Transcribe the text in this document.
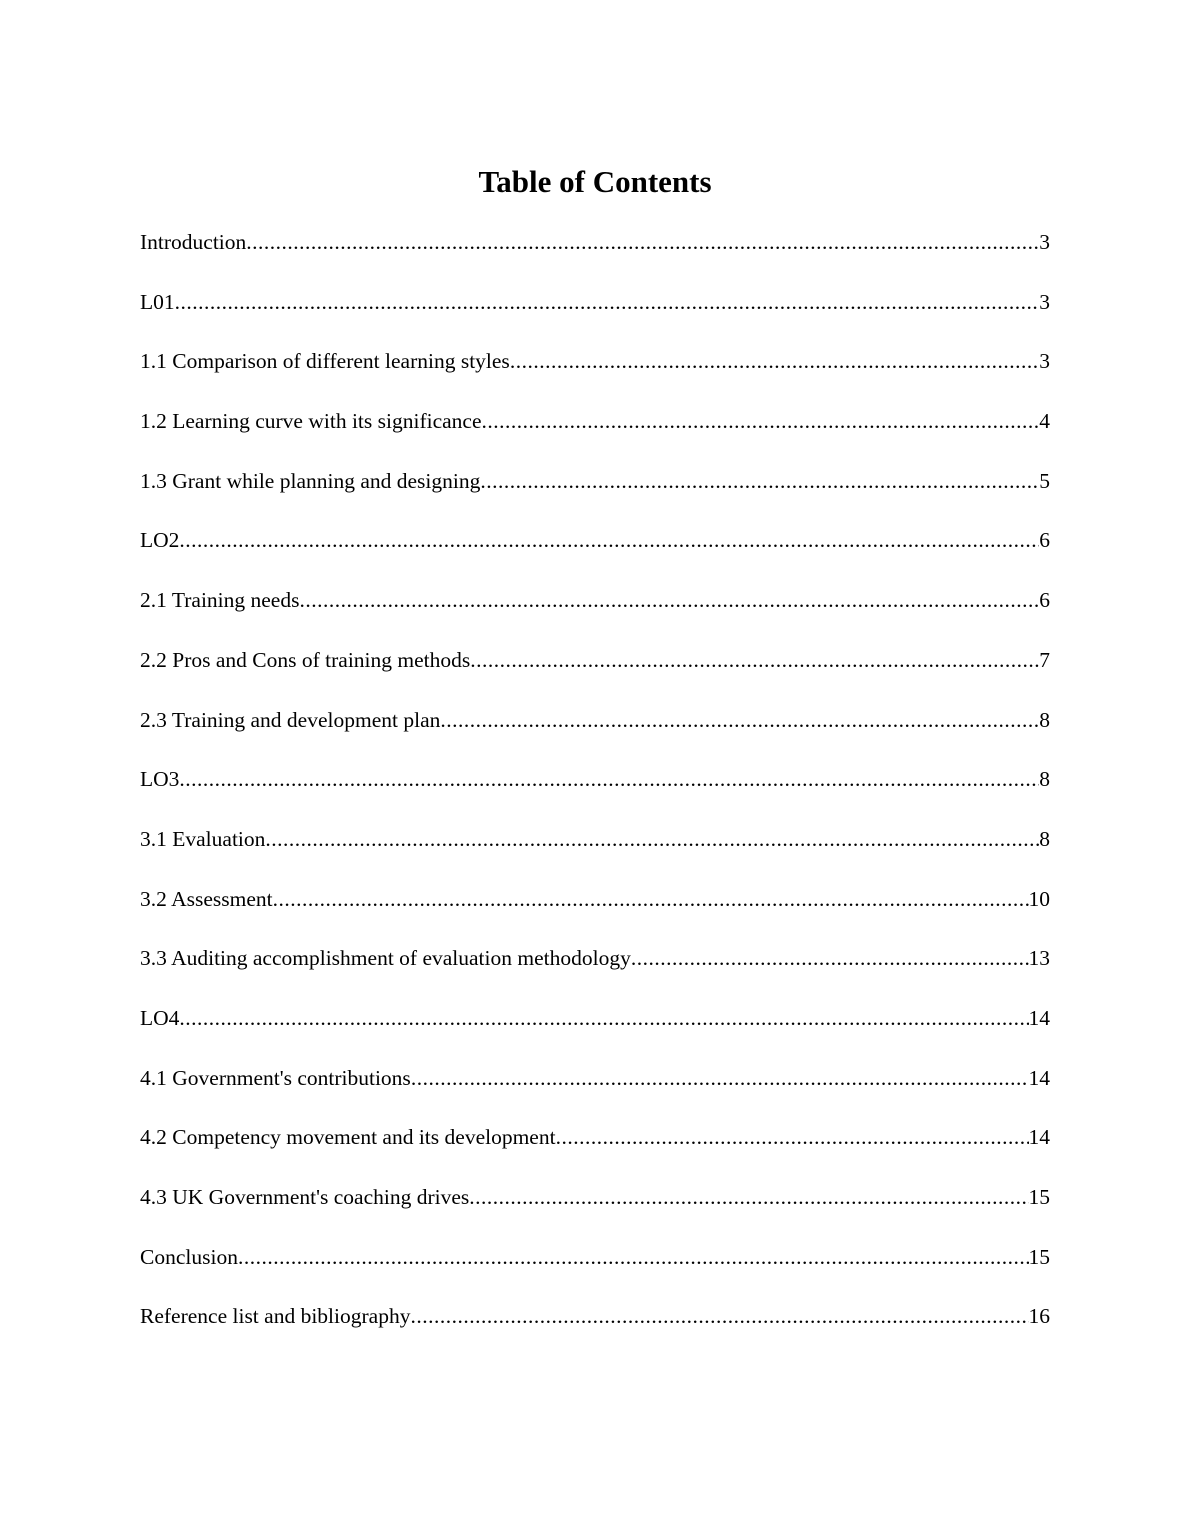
Table of Contents
Introduction .....	3
L01 .....	3
1.1 Comparison of different learning styles .....	3
1.2 Learning curve with its significance .....	4
1.3 Grant while planning and designing .....	5
LO2 .....	6
2.1 Training needs .....	6
2.2 Pros and Cons of training methods .....	7
2.3 Training and development plan .....	8
LO3 .....	8
3.1 Evaluation .....	8
3.2 Assessment .....	10
3.3 Auditing accomplishment of evaluation methodology .....	13
LO4 .....	14
4.1 Government's contributions .....	14
4.2 Competency movement and its development .....	14
4.3 UK Government's coaching drives .....	15
Conclusion .....	15
Reference list and bibliography .....	16
